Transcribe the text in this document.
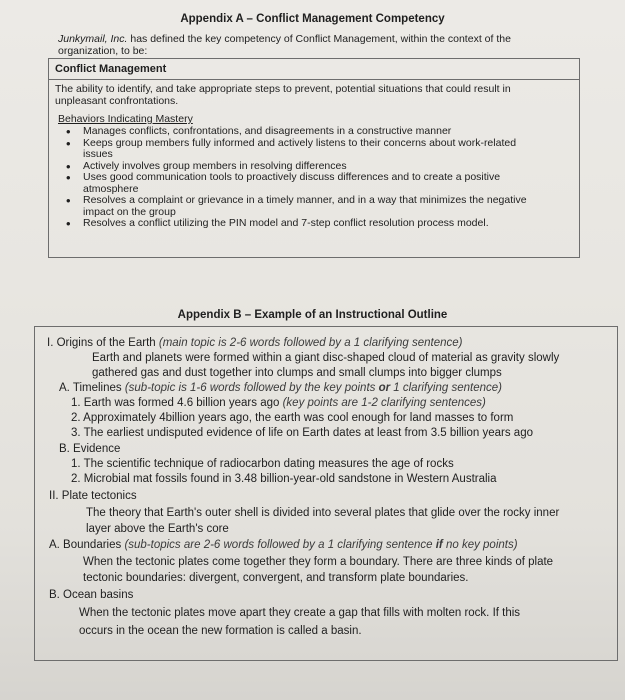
Appendix A – Conflict Management Competency
Junkymail, Inc. has defined the key competency of Conflict Management, within the context of the
organization, to be:
Conflict Management
The ability to identify, and take appropriate steps to prevent, potential situations that could result in
unpleasant confrontations.
Behaviors Indicating Mastery
• Manages conflicts, confrontations, and disagreements in a constructive manner
• Keeps group members fully informed and actively listens to their concerns about work-related
issues
• Actively involves group members in resolving differences
• Uses good communication tools to proactively discuss differences and to create a positive
atmosphere
• Resolves a complaint or grievance in a timely manner, and in a way that minimizes the negative
impact on the group
• Resolves a conflict utilizing the PIN model and 7-step conflict resolution process model.
Appendix B – Example of an Instructional Outline
I. Origins of the Earth (main topic is 2-6 words followed by a 1 clarifying sentence)
Earth and planets were formed within a giant disc-shaped cloud of material as gravity slowly
gathered gas and dust together into clumps and small clumps into bigger clumps
A. Timelines (sub-topic is 1-6 words followed by the key points or 1 clarifying sentence)
1. Earth was formed 4.6 billion years ago (key points are 1-2 clarifying sentences)
2. Approximately 4billion years ago, the earth was cool enough for land masses to form
3. The earliest undisputed evidence of life on Earth dates at least from 3.5 billion years ago
B. Evidence
1. The scientific technique of radiocarbon dating measures the age of rocks
2. Microbial mat fossils found in 3.48 billion-year-old sandstone in Western Australia
II. Plate tectonics
The theory that Earth's outer shell is divided into several plates that glide over the rocky inner
layer above the Earth's core
A. Boundaries (sub-topics are 2-6 words followed by a 1 clarifying sentence if no key points)
When the tectonic plates come together they form a boundary. There are three kinds of plate
tectonic boundaries: divergent, convergent, and transform plate boundaries.
B. Ocean basins
When the tectonic plates move apart they create a gap that fills with molten rock. If this
occurs in the ocean the new formation is called a basin.
